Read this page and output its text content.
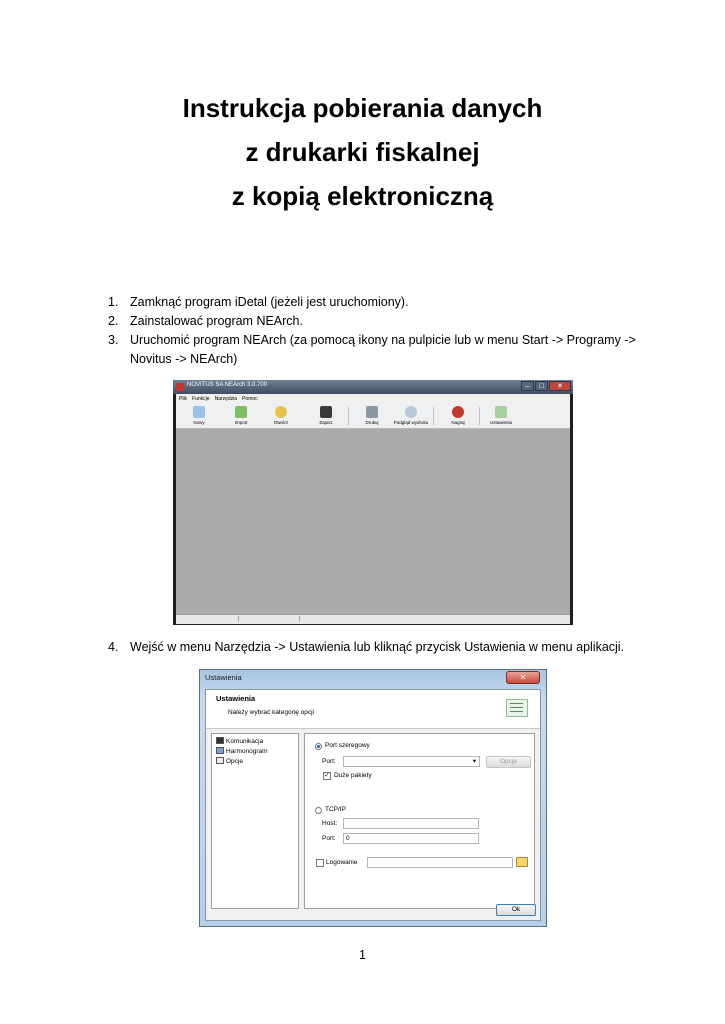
Instrukcja pobierania danych
z drukarki fiskalnej
z kopią elektroniczną
1. Zamknąć program iDetal (jeżeli jest uruchomiony).
2. Zainstalować program NEArch.
3. Uruchomić program NEArch (za pomocą ikony na pulpicie lub w menu Start -> Programy -> Novitus -> NEArch)
NOVITUS SA NEArch 3.0.700	–	□	✕
Plik Funkcje Narzędzia Pomoc
Nowy	Import	Otwórz	Zapisz	Drukuj	Podgląd wydruku	Nagraj	Ustawienia
4. Wejść w menu Narzędzia -> Ustawienia lub kliknąć przycisk Ustawienia w menu aplikacji.
Ustawienia	✕
Ustawienia
Należy wybrać kategorię opcji
Komunikacja
Harmonogram
Opcje
Port szeregowy
Port:	▾	Opcje
✓ Duże pakiety
TCP/IP
Host:
Port:	0
Logowanie
Ok
1
